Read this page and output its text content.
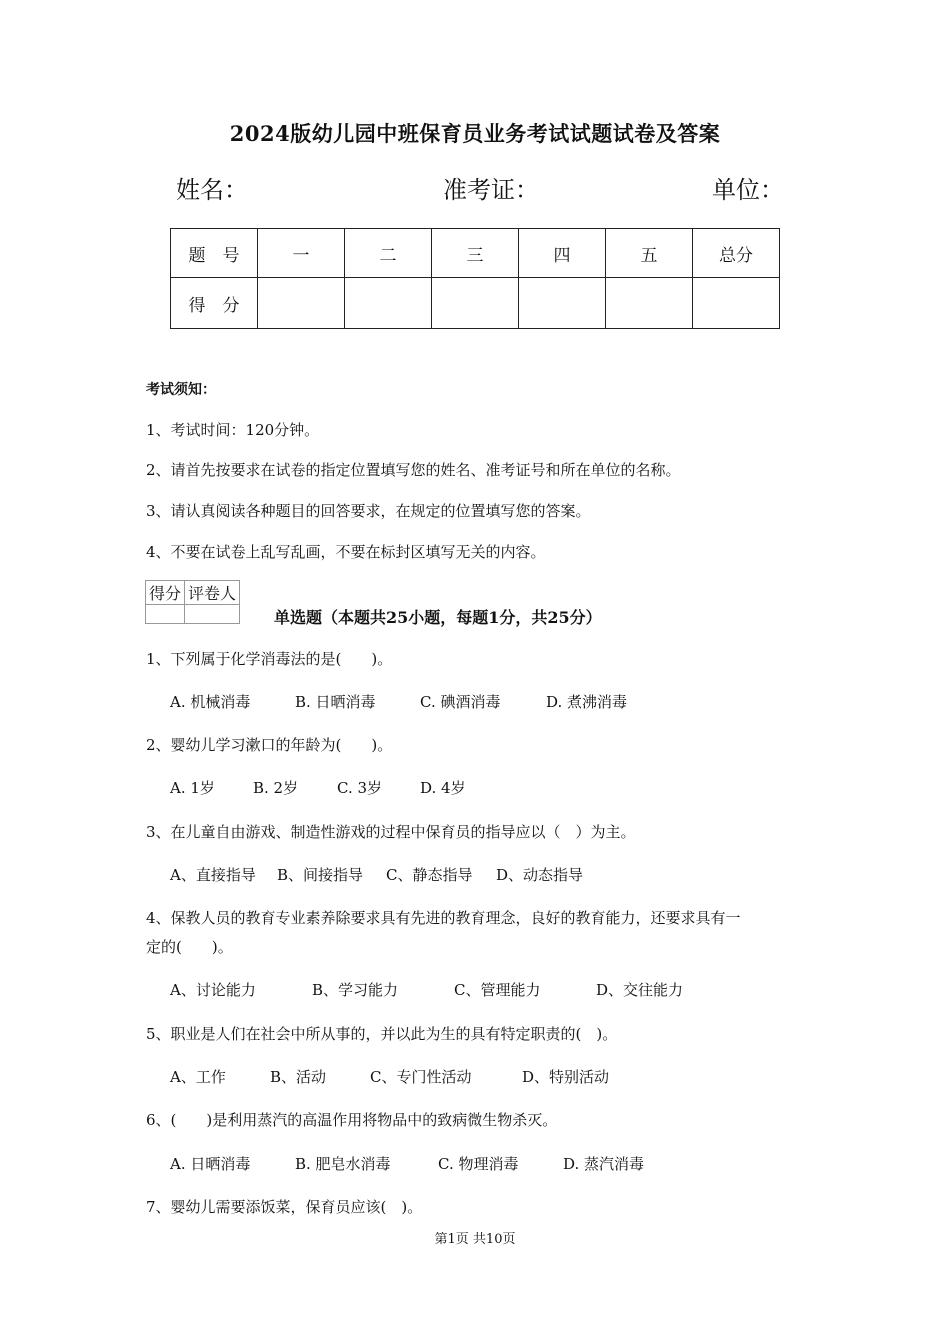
2024版幼儿园中班保育员业务考试试题试卷及答案
姓名：	准考证：	单位：
题　号	一	二	三	四	五	总分
得　分						
考试须知：
1、考试时间：120分钟。
2、请首先按要求在试卷的指定位置填写您的姓名、准考证号和所在单位的名称。
3、请认真阅读各种题目的回答要求，在规定的位置填写您的答案。
4、不要在试卷上乱写乱画，不要在标封区填写无关的内容。
得分	评卷人

单选题（本题共25小题，每题1分，共25分）
1、下列属于化学消毒法的是(　　)。
A. 机械消毒	B. 日晒消毒	C. 碘酒消毒	D. 煮沸消毒
2、婴幼儿学习漱口的年龄为(　　)。
A. 1岁	B. 2岁	C. 3岁	D. 4岁
3、在儿童自由游戏、制造性游戏的过程中保育员的指导应以（　）为主。
A、直接指导 B、间接指导 C、静态指导 D、动态指导
4、保教人员的教育专业素养除要求具有先进的教育理念，良好的教育能力，还要求具有一
定的(　　)。
A、讨论能力	B、学习能力	C、管理能力	D、交往能力
5、职业是人们在社会中所从事的，并以此为生的具有特定职责的(　)。
A、工作	B、活动	C、专门性活动	D、特别活动
6、(　　)是利用蒸汽的高温作用将物品中的致病微生物杀灭。
A. 日晒消毒	B. 肥皂水消毒	C. 物理消毒	D. 蒸汽消毒
7、婴幼儿需要添饭菜，保育员应该(　)。
第1页 共10页
